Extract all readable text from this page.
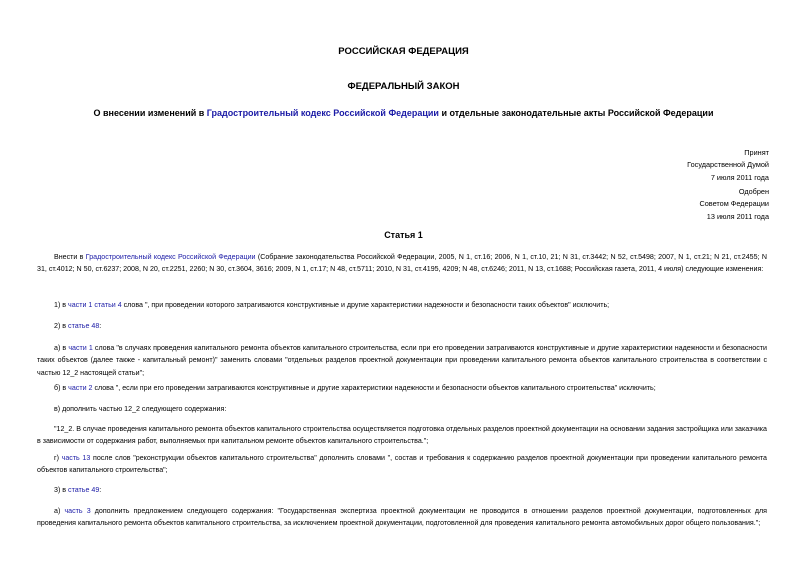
РОССИЙСКАЯ ФЕДЕРАЦИЯ
ФЕДЕРАЛЬНЫЙ ЗАКОН
О внесении изменений в Градостроительный кодекс Российской Федерации и отдельные законодательные акты Российской Федерации
Принят
Государственной Думой
7 июля 2011 года
Одобрен
Советом Федерации
13 июля 2011 года
Статья 1
Внести в Градостроительный кодекс Российской Федерации (Собрание законодательства Российской Федерации, 2005, N 1, ст.16; 2006, N 1, ст.10, 21; N 31, ст.3442; N 52, ст.5498; 2007, N 1, ст.21; N 21, ст.2455; N 31, ст.4012; N 50, ст.6237; 2008, N 20, ст.2251, 2260; N 30, ст.3604, 3616; 2009, N 1, ст.17; N 48, ст.5711; 2010, N 31, ст.4195, 4209; N 48, ст.6246; 2011, N 13, ст.1688; Российская газета, 2011, 4 июля) следующие изменения:
1) в части 1 статьи 4 слова ", при проведении которого затрагиваются конструктивные и другие характеристики надежности и безопасности таких объектов" исключить;
2) в статье 48:
а) в части 1 слова "в случаях проведения капитального ремонта объектов капитального строительства, если при его проведении затрагиваются конструктивные и другие характеристики надежности и безопасности таких объектов (далее также - капитальный ремонт)" заменить словами "отдельных разделов проектной документации при проведении капитального ремонта объектов капитального строительства в соответствии с частью 12_2 настоящей статьи";
б) в части 2 слова ", если при его проведении затрагиваются конструктивные и другие характеристики надежности и безопасности объектов капитального строительства" исключить;
в) дополнить частью 12_2 следующего содержания:
"12_2. В случае проведения капитального ремонта объектов капитального строительства осуществляется подготовка отдельных разделов проектной документации на основании задания застройщика или заказчика в зависимости от содержания работ, выполняемых при капитальном ремонте объектов капитального строительства.";
г) часть 13 после слов "реконструкции объектов капитального строительства" дополнить словами ", состав и требования к содержанию разделов проектной документации при проведении капитального ремонта объектов капитального строительства";
3) в статье 49:
а) часть 3 дополнить предложением следующего содержания: "Государственная экспертиза проектной документации не проводится в отношении разделов проектной документации, подготовленных для проведения капитального ремонта объектов капитального строительства, за исключением проектной документации, подготовленной для проведения капитального ремонта автомобильных дорог общего пользования.";
